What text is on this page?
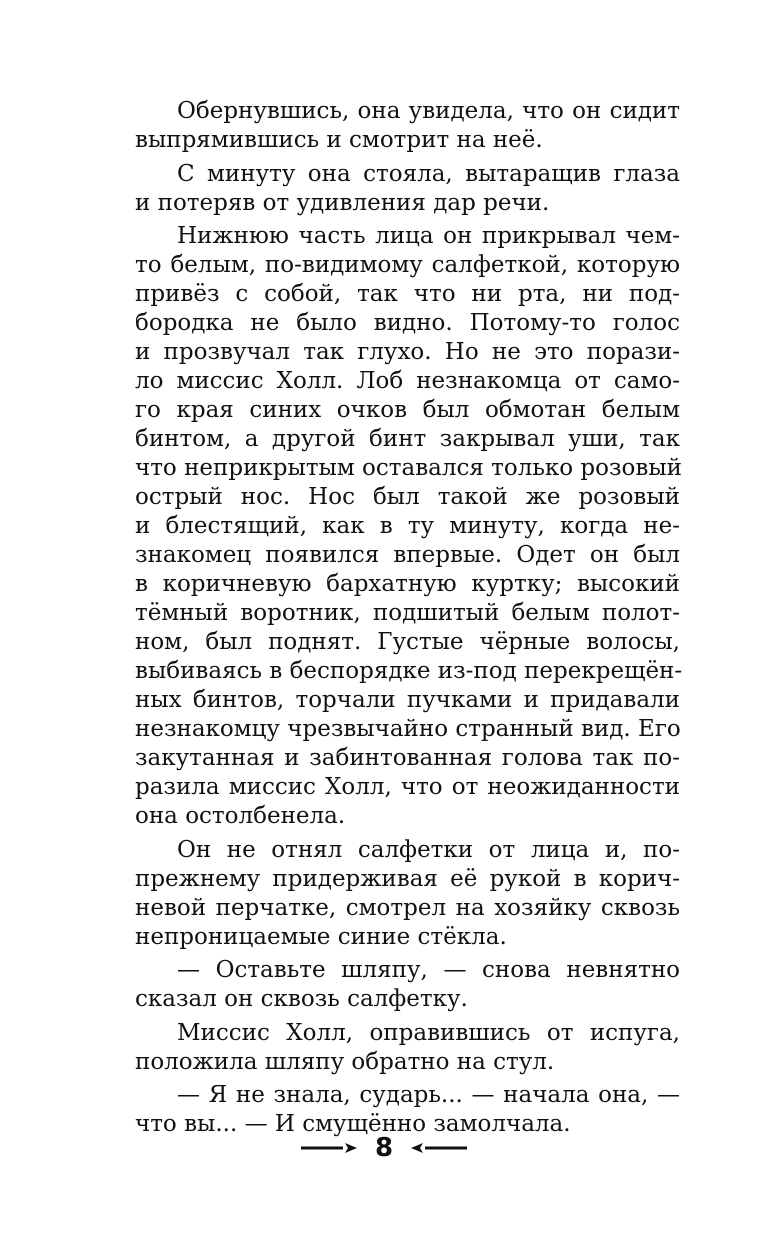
Обернувшись, она увидела, что он сидит
выпрямившись и смотрит на неё.
С минуту она стояла, вытаращив глаза
и потеряв от удивления дар речи.
Нижнюю часть лица он прикрывал чем-
то белым, по-видимому салфеткой, которую
привёз с собой, так что ни рта, ни под-
бородка не было видно. Потому-то голос
и прозвучал так глухо. Но не это порази-
ло миссис Холл. Лоб незнакомца от само-
го края синих очков был обмотан белым
бинтом, а другой бинт закрывал уши, так
что неприкрытым оставался только розовый
острый нос. Нос был такой же розовый
и блестящий, как в ту минуту, когда не-
знакомец появился впервые. Одет он был
в коричневую бархатную куртку; высокий
тёмный воротник, подшитый белым полот-
ном, был поднят. Густые чёрные волосы,
выбиваясь в беспорядке из-под перекрещён-
ных бинтов, торчали пучками и придавали
незнакомцу чрезвычайно странный вид. Его
закутанная и забинтованная голова так по-
разила миссис Холл, что от неожиданности
она остолбенела.
Он не отнял салфетки от лица и, по-
прежнему придерживая её рукой в корич-
невой перчатке, смотрел на хозяйку сквозь
непроницаемые синие стёкла.
— Оставьте шляпу, — снова невнятно
сказал он сквозь салфетку.
Миссис Холл, оправившись от испуга,
положила шляпу обратно на стул.
— Я не знала, сударь... — начала она, —
что вы... — И смущённо замолчала.
8
